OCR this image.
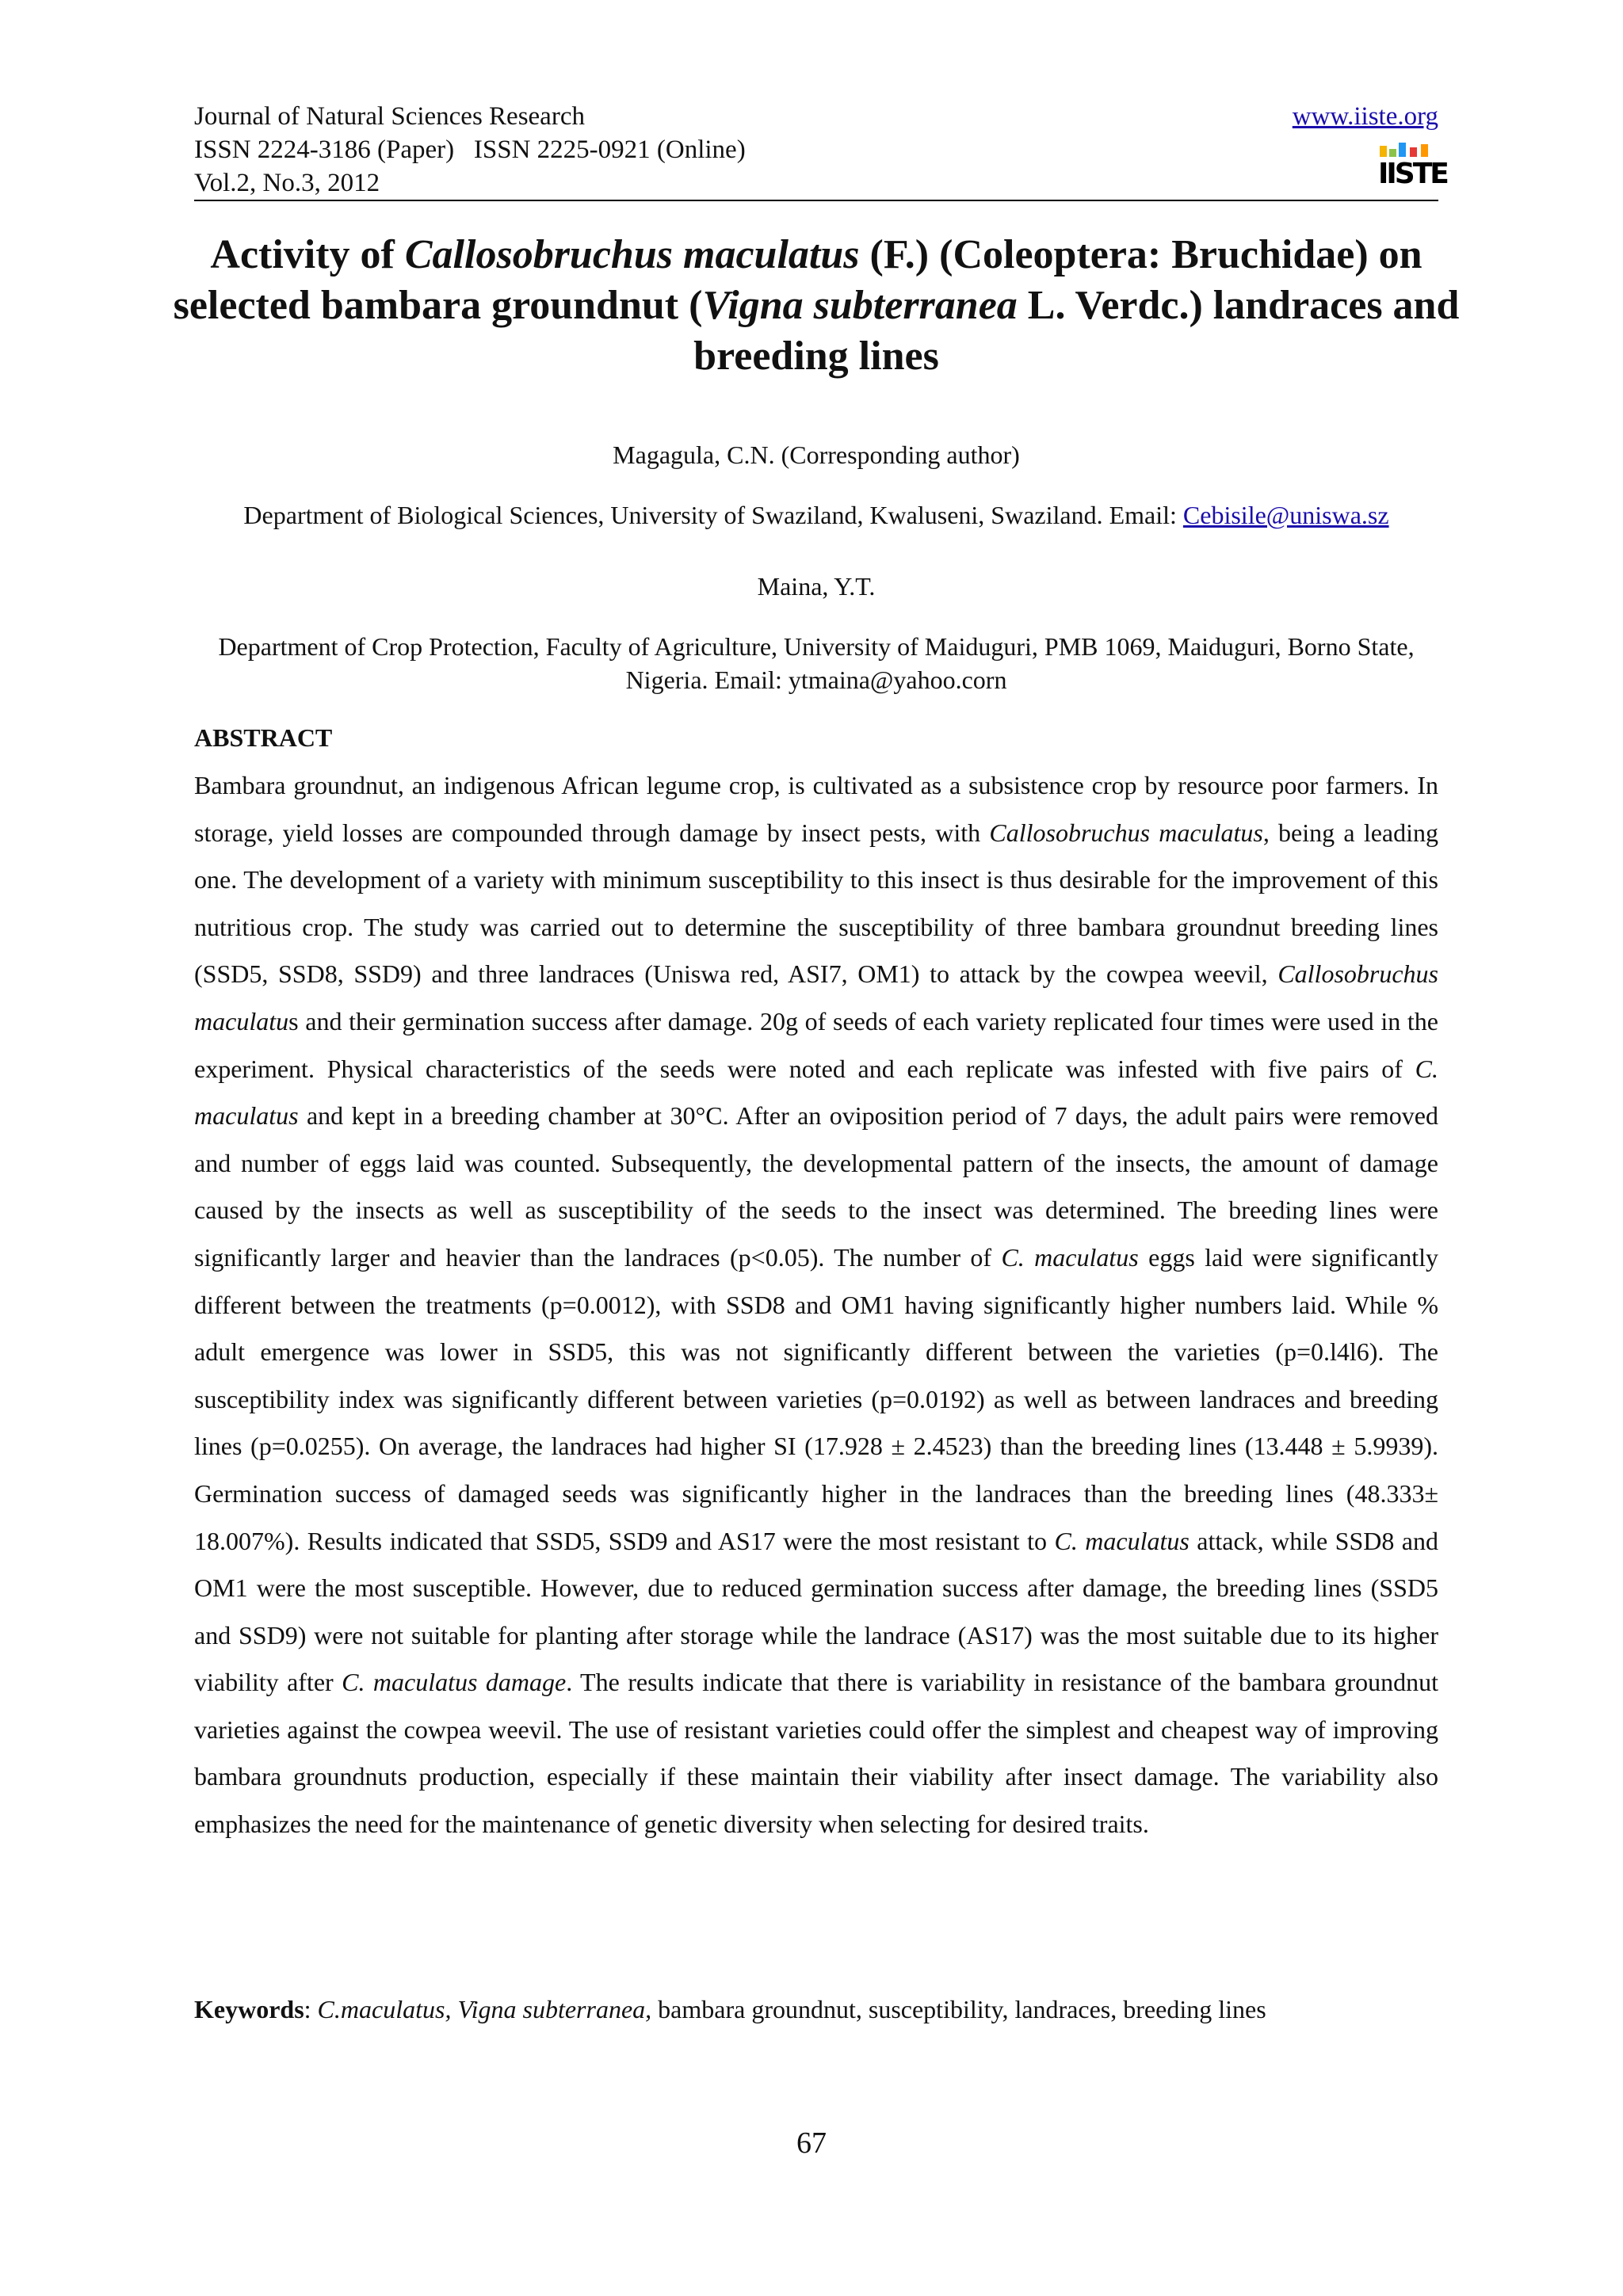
Journal of Natural Sciences Research
ISSN 2224-3186 (Paper)   ISSN 2225-0921 (Online)
Vol.2, No.3, 2012
www.iiste.org
IISTE
Activity of Callosobruchus maculatus (F.) (Coleoptera: Bruchidae) on selected bambara groundnut (Vigna subterranea L. Verdc.) landraces and breeding lines

Magagula, C.N. (Corresponding author)

Department of Biological Sciences, University of Swaziland, Kwaluseni, Swaziland. Email: Cebisile@uniswa.sz

Maina, Y.T.

Department of Crop Protection, Faculty of Agriculture, University of Maiduguri, PMB 1069, Maiduguri, Borno State, Nigeria. Email: ytmaina@yahoo.corn

ABSTRACT

Bambara groundnut, an indigenous African legume crop, is cultivated as a subsistence crop by resource poor farmers. In storage, yield losses are compounded through damage by insect pests, with Callosobruchus maculatus, being a leading one. The development of a variety with minimum susceptibility to this insect is thus desirable for the improvement of this nutritious crop. The study was carried out to determine the susceptibility of three bambara groundnut breeding lines (SSD5, SSD8, SSD9) and three landraces (Uniswa red, ASI7, OM1) to attack by the cowpea weevil, Callosobruchus maculatus and their germination success after damage. 20g of seeds of each variety replicated four times were used in the experiment. Physical characteristics of the seeds were noted and each replicate was infested with five pairs of C. maculatus and kept in a breeding chamber at 30°C. After an oviposition period of 7 days, the adult pairs were removed and number of eggs laid was counted. Subsequently, the developmental pattern of the insects, the amount of damage caused by the insects as well as susceptibility of the seeds to the insect was determined. The breeding lines were significantly larger and heavier than the landraces (p<0.05). The number of C. maculatus eggs laid were significantly different between the treatments (p=0.0012), with SSD8 and OM1 having significantly higher numbers laid. While % adult emergence was lower in SSD5, this was not significantly different between the varieties (p=0.l4l6). The susceptibility index was significantly different between varieties (p=0.0192) as well as between landraces and breeding lines (p=0.0255). On average, the landraces had higher SI (17.928 ± 2.4523) than the breeding lines (13.448 ± 5.9939). Germination success of damaged seeds was significantly higher in the landraces than the breeding lines (48.333± 18.007%). Results indicated that SSD5, SSD9 and AS17 were the most resistant to C. maculatus attack, while SSD8 and OM1 were the most susceptible. However, due to reduced germination success after damage, the breeding lines (SSD5 and SSD9) were not suitable for planting after storage while the landrace (AS17) was the most suitable due to its higher viability after C. maculatus damage. The results indicate that there is variability in resistance of the bambara groundnut varieties against the cowpea weevil. The use of resistant varieties could offer the simplest and cheapest way of improving bambara groundnuts production, especially if these maintain their viability after insect damage. The variability also emphasizes the need for the maintenance of genetic diversity when selecting for desired traits.

Keywords: C.maculatus, Vigna subterranea, bambara groundnut, susceptibility, landraces, breeding lines
67
